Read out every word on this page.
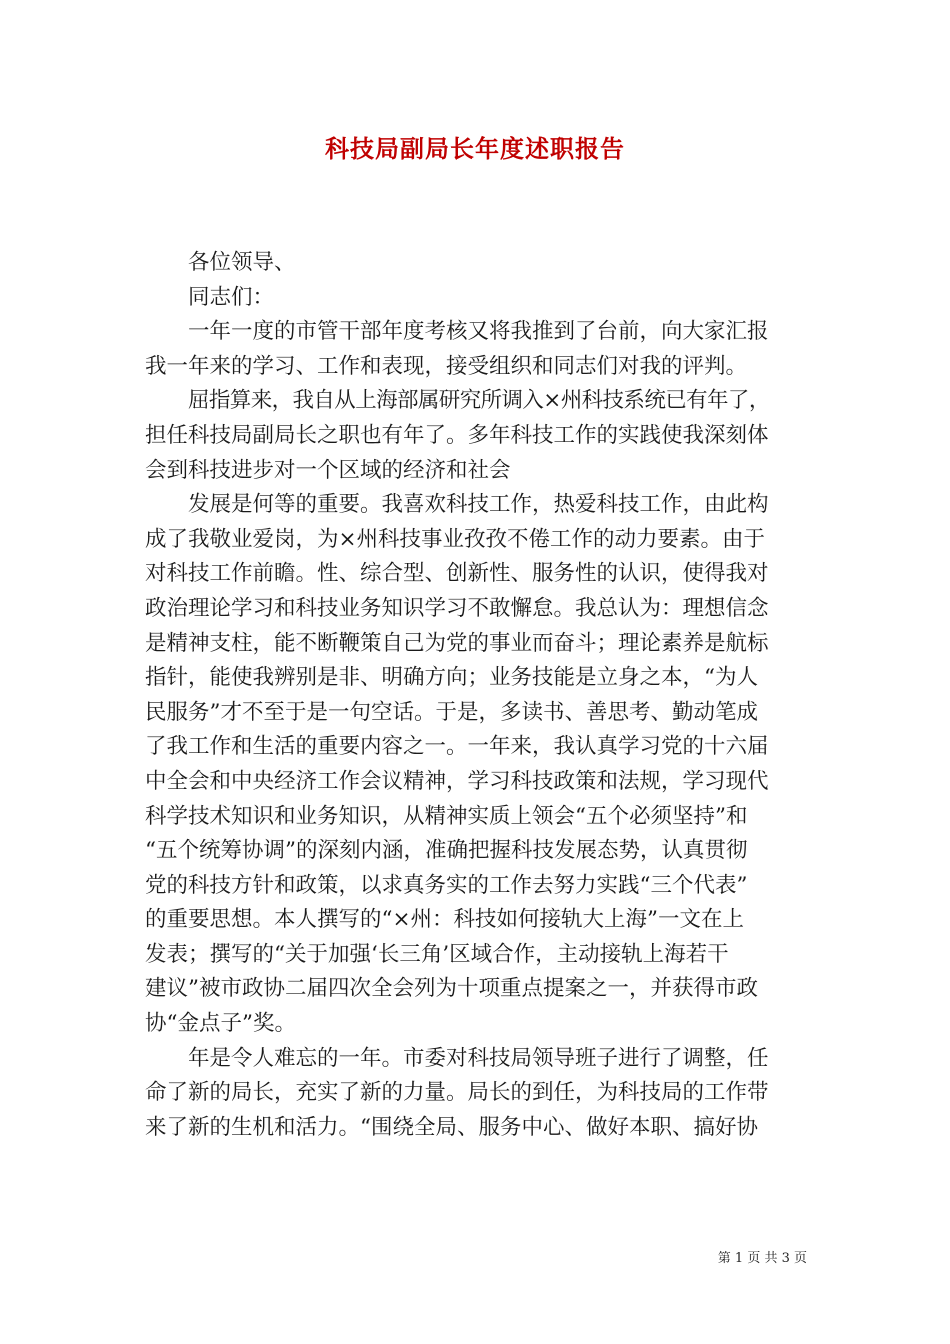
科技局副局长年度述职报告

各位领导、

同志们：

一年一度的市管干部年度考核又将我推到了台前，向大家汇报
我一年来的学习、工作和表现，接受组织和同志们对我的评判。

屈指算来，我自从上海部属研究所调入×州科技系统已有年了，
担任科技局副局长之职也有年了。多年科技工作的实践使我深刻体
会到科技进步对一个区域的经济和社会

发展是何等的重要。我喜欢科技工作，热爱科技工作，由此构
成了我敬业爱岗，为×州科技事业孜孜不倦工作的动力要素。由于
对科技工作前瞻。性、综合型、创新性、服务性的认识，使得我对
政治理论学习和科技业务知识学习不敢懈怠。我总认为：理想信念
是精神支柱，能不断鞭策自己为党的事业而奋斗；理论素养是航标
指针，能使我辨别是非、明确方向；业务技能是立身之本，“为人
民服务”才不至于是一句空话。于是，多读书、善思考、勤动笔成
了我工作和生活的重要内容之一。一年来，我认真学习党的十六届
中全会和中央经济工作会议精神，学习科技政策和法规，学习现代
科学技术知识和业务知识，从精神实质上领会“五个必须坚持”和
“五个统筹协调”的深刻内涵，准确把握科技发展态势，认真贯彻
党的科技方针和政策，以求真务实的工作去努力实践“三个代表”
的重要思想。本人撰写的“×州：科技如何接轨大上海”一文在上
发表；撰写的“关于加强‘长三角’区域合作，主动接轨上海若干
建议”被市政协二届四次全会列为十项重点提案之一，并获得市政
协“金点子”奖。

年是令人难忘的一年。市委对科技局领导班子进行了调整，任
命了新的局长，充实了新的力量。局长的到任，为科技局的工作带
来了新的生机和活力。“围绕全局、服务中心、做好本职、搞好协

第 1 页 共 3 页
